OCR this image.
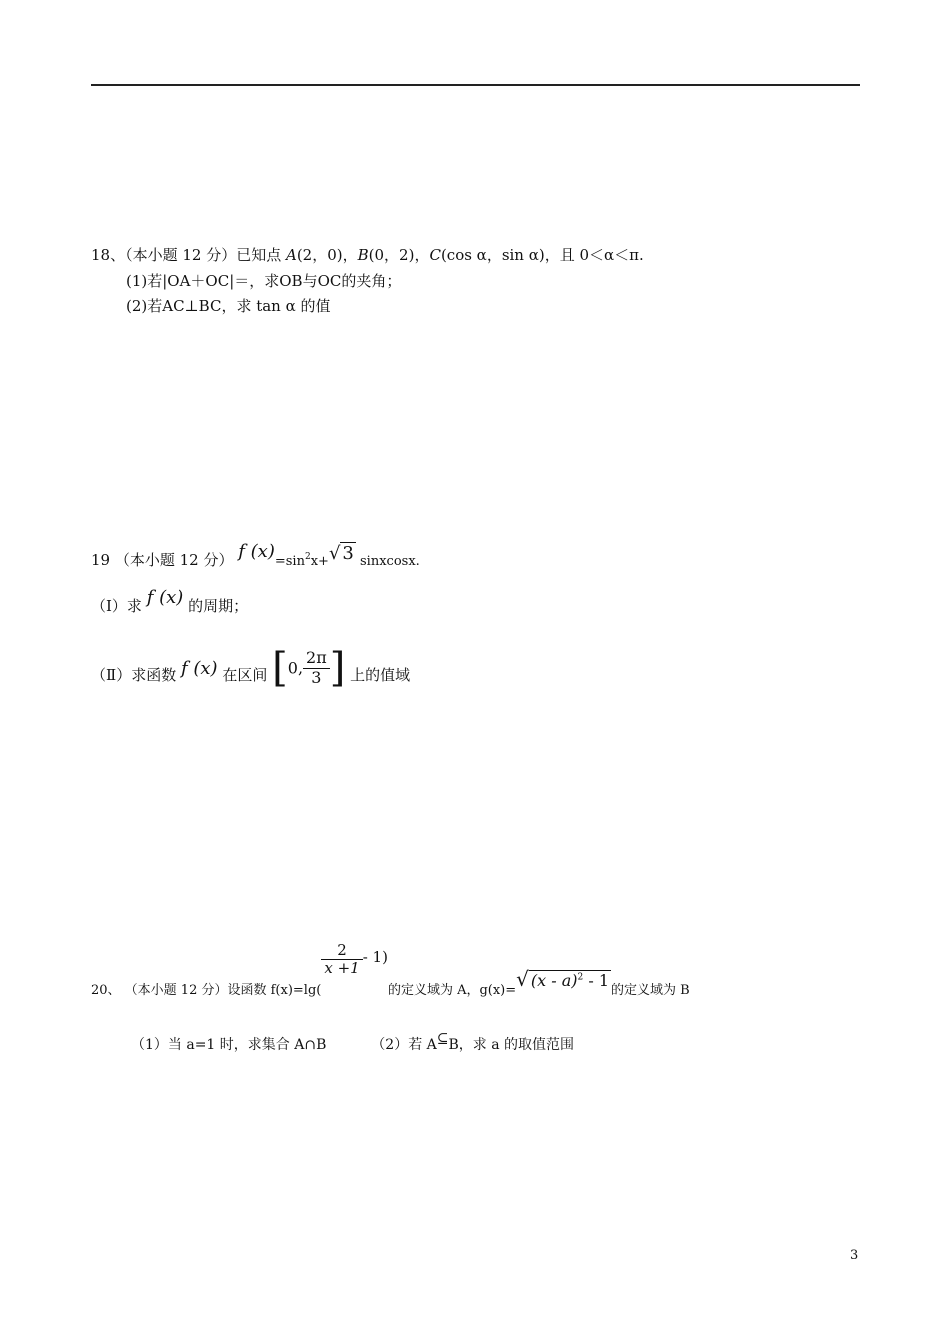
18、（本小题 12 分）已知点 A(2，0)，B(0，2)，C(cos α，sin α)，且 0＜α＜π.
(1)若|OA＋OC|＝，求OB与OC的夹角；
(2)若AC⊥BC，求 tan α 的值
19 （本小题 12 分） f $(x)=\sin^2x+√$ 3 sinxcosx.
（Ⅰ）求 f (x) 的周期；
（Ⅱ）求函数 f (x) 在区间 [0, $\frac{2\pi}{3}$ ] 上的值域
20、 （本小题 12 分）设函数 f(x)=lg(
$\frac{2}{x +1} - 1$)的定义域为 A，g(x)=√ (x - a)$^2$ - 1的定义域为 B
（1）当 a=1 时，求集合 A∩B	（2）若 A⊆B，求 a 的取值范围
3
